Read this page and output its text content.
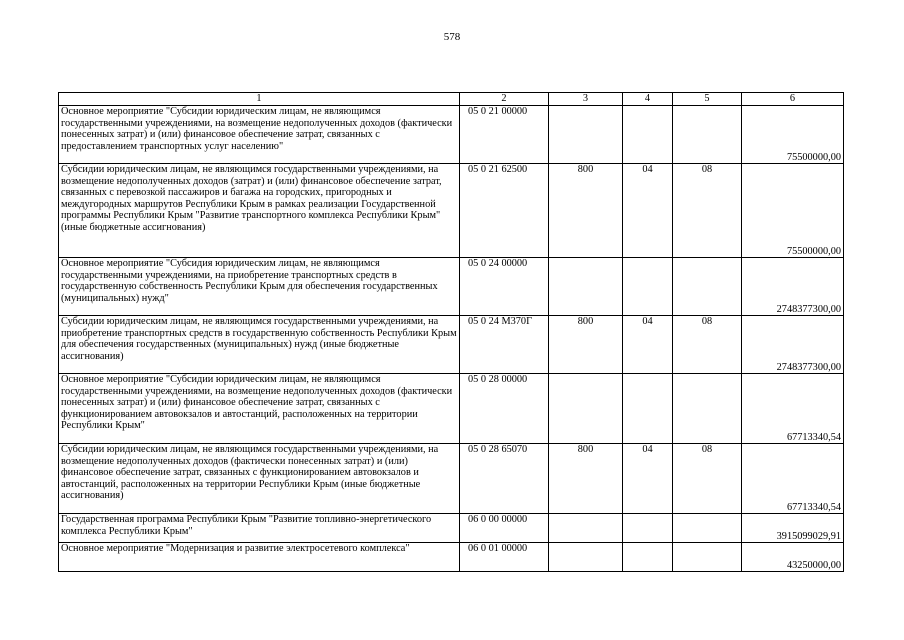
578
1	2	3	4	5	6
Основное мероприятие "Субсидии юридическим лицам, не являющимся государственными учреждениями, на возмещение недополученных доходов (фактически понесенных затрат) и (или) финансовое обеспечение затрат, связанных с предоставлением транспортных услуг населению"	05 0 21 00000				75500000,00
Субсидии юридическим лицам, не являющимся государственными учреждениями, на возмещение недополученных доходов (затрат) и (или) финансовое обеспечение затрат, связанных с перевозкой пассажиров и багажа на городских, пригородных и междугородных маршрутов Республики Крым в рамках реализации Государственной программы Республики Крым "Развитие транспортного комплекса Республики Крым" (иные бюджетные ассигнования)	05 0 21 62500	800	04	08	75500000,00
Основное мероприятие "Субсидия юридическим лицам, не являющимся государственными учреждениями, на приобретение транспортных средств в государственную собственность Республики Крым для обеспечения государственных (муниципальных) нужд"	05 0 24 00000				2748377300,00
Субсидии юридическим лицам, не являющимся государственными учреждениями, на приобретение транспортных средств в государственную собственность Республики Крым для обеспечения государственных (муниципальных) нужд (иные бюджетные ассигнования)	05 0 24 М370Г	800	04	08	2748377300,00
Основное мероприятие "Субсидии юридическим лицам, не являющимся государственными учреждениями, на возмещение недополученных доходов (фактически понесенных затрат) и (или) финансовое обеспечение затрат, связанных с функционированием автовокзалов и автостанций, расположенных на территории Республики Крым"	05 0 28 00000				67713340,54
Субсидии юридическим лицам, не являющимся государственными учреждениями, на возмещение недополученных доходов (фактически понесенных затрат) и (или) финансовое обеспечение затрат, связанных с функционированием автовокзалов и автостанций, расположенных на территории Республики Крым (иные бюджетные ассигнования)	05 0 28 65070	800	04	08	67713340,54
Государственная программа Республики Крым "Развитие топливно-энергетического комплекса Республики Крым"	06 0 00 00000				3915099029,91
Основное мероприятие "Модернизация и развитие электросетевого комплекса"	06 0 01 00000				43250000,00
